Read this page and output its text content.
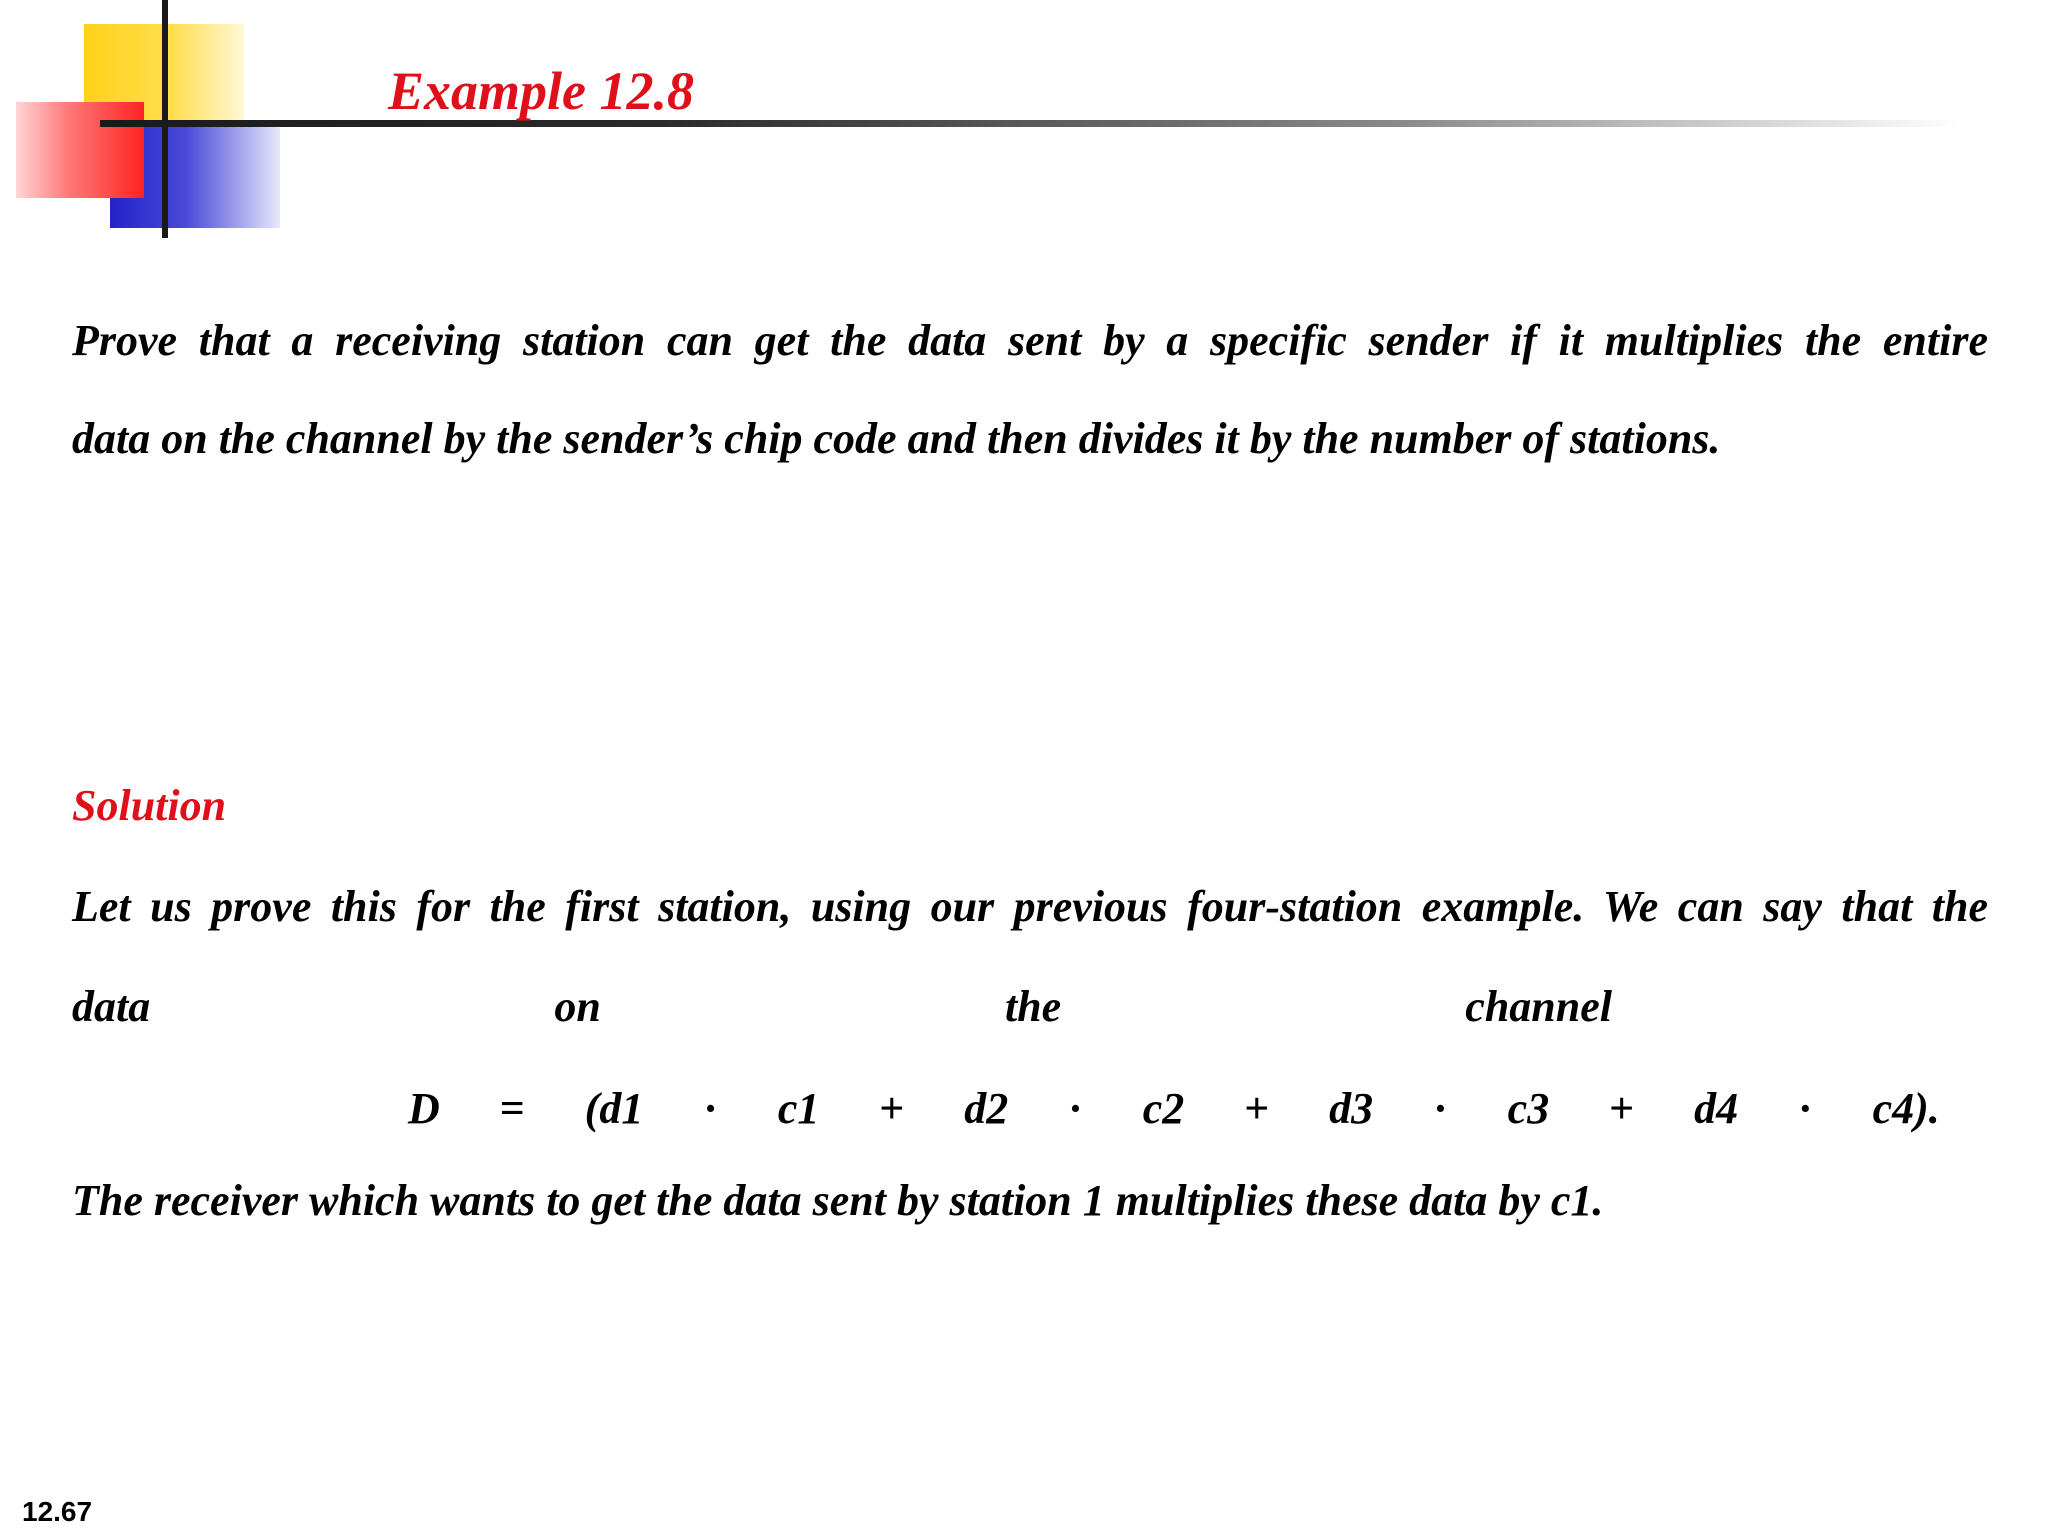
Example 12.8

Prove that a receiving station can get the data sent by a specific sender if it multiplies the entire

data on the channel by the sender’s chip code and then divides it by the number of stations.

Solution

Let us prove this for the first station, using our previous four-station example. We can say that the

data on the channel

D = (d1 · c1 + d2 · c2 + d3 · c3 + d4 · c4).

The receiver which wants to get the data sent by station 1 multiplies these data by c1.

12.67
